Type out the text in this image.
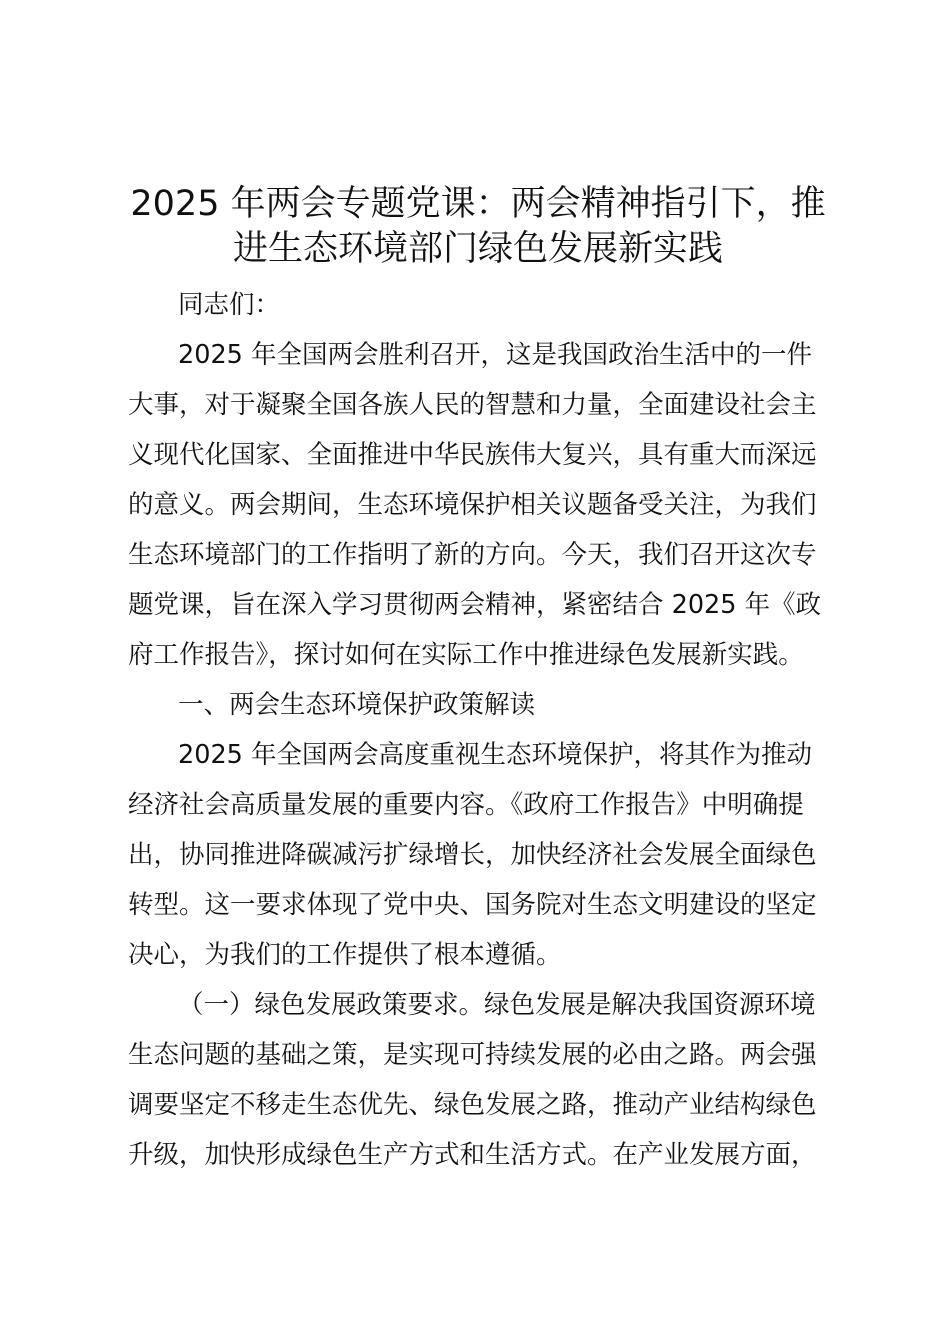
2025 年两会专题党课：两会精神指引下，推
进生态环境部门绿色发展新实践
同志们：
2025 年全国两会胜利召开，这是我国政治生活中的一件
大事，对于凝聚全国各族人民的智慧和力量，全面建设社会主
义现代化国家、全面推进中华民族伟大复兴，具有重大而深远
的意义。两会期间，生态环境保护相关议题备受关注，为我们
生态环境部门的工作指明了新的方向。今天，我们召开这次专
题党课，旨在深入学习贯彻两会精神，紧密结合 2025 年《政
府工作报告》，探讨如何在实际工作中推进绿色发展新实践。
一、两会生态环境保护政策解读
2025 年全国两会高度重视生态环境保护，将其作为推动
经济社会高质量发展的重要内容。《政府工作报告》中明确提
出，协同推进降碳减污扩绿增长，加快经济社会发展全面绿色
转型。这一要求体现了党中央、国务院对生态文明建设的坚定
决心，为我们的工作提供了根本遵循。
（一）绿色发展政策要求。绿色发展是解决我国资源环境
生态问题的基础之策，是实现可持续发展的必由之路。两会强
调要坚定不移走生态优先、绿色发展之路，推动产业结构绿色
升级，加快形成绿色生产方式和生活方式。在产业发展方面，
